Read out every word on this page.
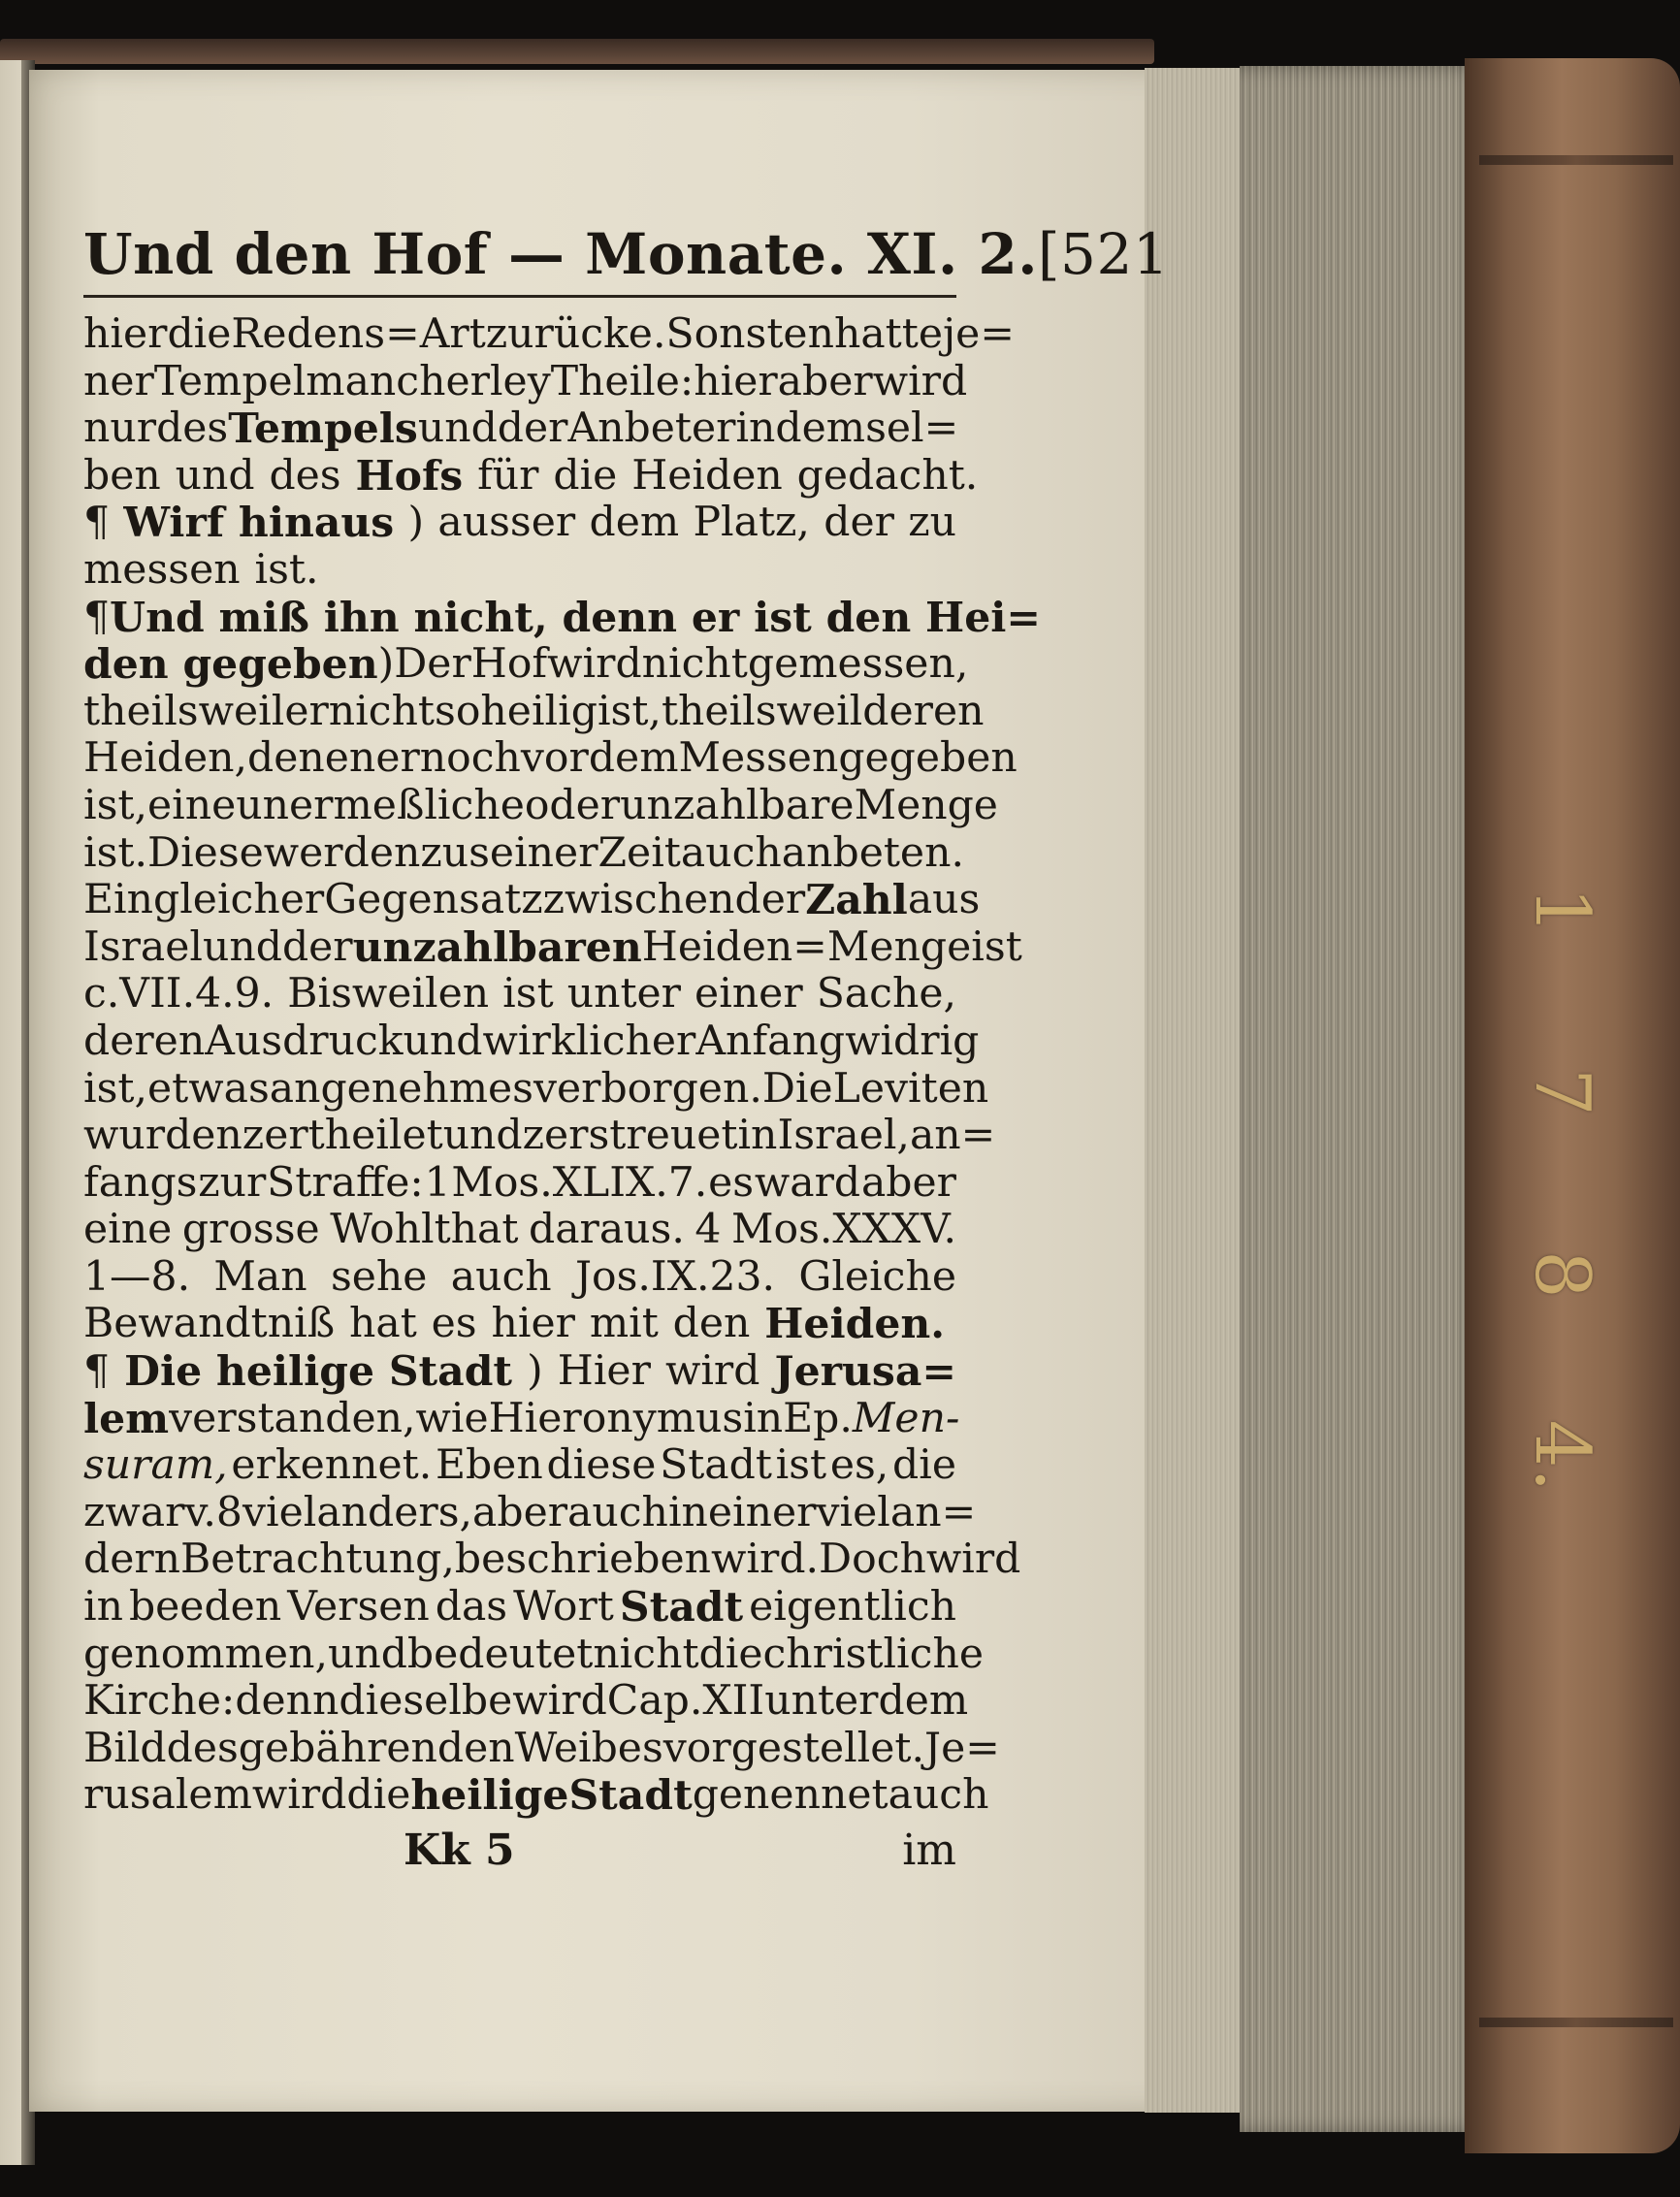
1
7
8
4.
Und den Hof — Monate. XI. 2. [521
hier die Redens=Art zurücke. Sonsten hatte je=
ner Tempel mancherley Theile: hier aber wird
nur des Tempels und der Anbeter in demsel=
ben und des Hofs für die Heiden gedacht.
¶ Wirf hinaus ) ausser dem Platz, der zu
messen ist.
¶ Und miß ihn nicht, denn er ist den Hei=
den gegeben ) Der Hof wird nicht gemessen,
theils weil er nicht so heilig ist, theils weil deren
Heiden, denen er noch vor dem Messen gegeben
ist, eine unermeßliche oder unzahlbare Menge
ist. Diese werden zu seiner Zeit auch anbeten.
Ein gleicher Gegensatz zwischen der Zahl aus
Israel und der unzahlbaren Heiden=Menge ist
c.VII.4.9. Bisweilen ist unter einer Sache,
deren Ausdruck und wirklicher Anfang widrig
ist, etwas angenehmes verborgen. Die Leviten
wurden zertheilet und zerstreuet in Israel, an=
fangs zur Straffe: 1 Mos.XLIX.7. es ward aber
eine grosse Wohlthat daraus. 4 Mos.XXXV.
1—8. Man sehe auch Jos.IX.23. Gleiche
Bewandtniß hat es hier mit den Heiden.
¶ Die heilige Stadt ) Hier wird Jerusa=
lem verstanden, wie Hieronymus in Ep. Men-
suram, erkennet. Eben diese Stadt ist es, die
zwar v.8 viel anders, aber auch in einer viel an=
dern Betrachtung, beschrieben wird. Doch wird
in beeden Versen das Wort Stadt eigentlich
genommen, und bedeutet nicht die christliche
Kirche: denn dieselbe wird Cap.XII unter dem
Bild des gebährenden Weibes vorgestellet. Je=
rusalem wird die heilige Stadt genennet auch
Kk 5	im
